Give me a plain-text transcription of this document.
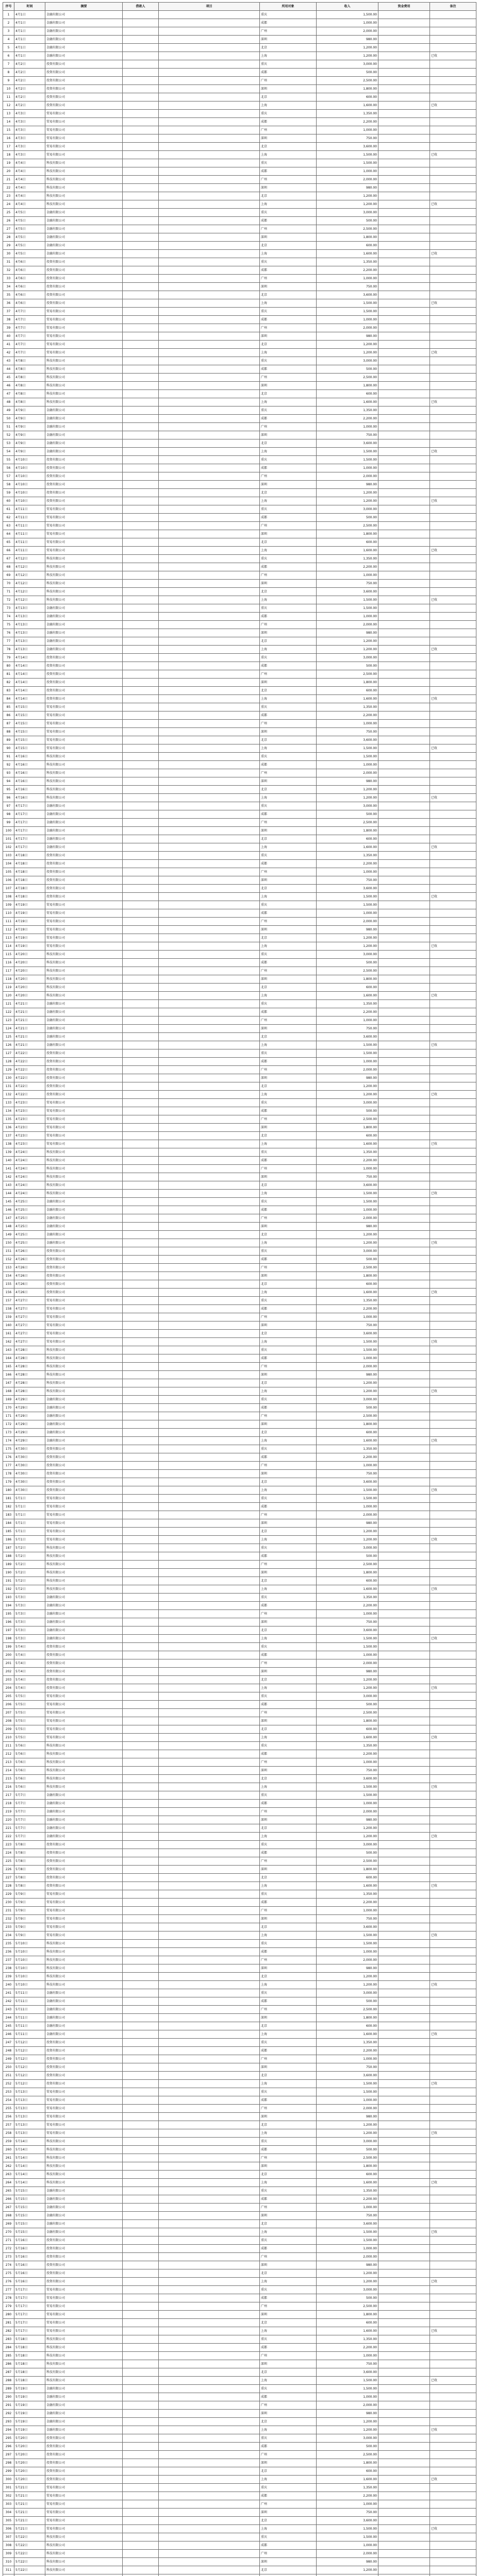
序号	时间	摘要	借款人	项目	所用对象	收入	资金费用	备注
1	4月1日	金融有限公司			重庆	1,500.00		
2	4月1日	金融有限公司			成都	1,000.00		
3	4月1日	金融有限公司			广州	2,000.00		
4	4月1日	金融有限公司			深圳	980.00		
5	4月1日	金融有限公司			北京	1,200.00		
6	4月1日	金融有限公司			上海	1,200.00		已收
7	4月2日	投资有限公司			重庆	3,000.00		
8	4月2日	投资有限公司			成都	500.00		
9	4月2日	投资有限公司			广州	2,500.00		
10	4月2日	投资有限公司			深圳	1,800.00		
11	4月2日	投资有限公司			北京	600.00		
12	4月2日	投资有限公司			上海	1,600.00		已收
13	4月3日	贸易有限公司			重庆	1,350.00		
14	4月3日	贸易有限公司			成都	2,200.00		
15	4月3日	贸易有限公司			广州	1,000.00		
16	4月3日	贸易有限公司			深圳	750.00		
17	4月3日	贸易有限公司			北京	3,600.00		
18	4月3日	贸易有限公司			上海	1,500.00		已收
19	4月4日	科技有限公司			重庆	1,500.00		
20	4月4日	科技有限公司			成都	1,000.00		
21	4月4日	科技有限公司			广州	2,000.00		
22	4月4日	科技有限公司			深圳	980.00		
23	4月4日	科技有限公司			北京	1,200.00		
24	4月4日	科技有限公司			上海	1,200.00		已收
25	4月5日	金融有限公司			重庆	3,000.00		
26	4月5日	金融有限公司			成都	500.00		
27	4月5日	金融有限公司			广州	2,500.00		
28	4月5日	金融有限公司			深圳	1,800.00		
29	4月5日	金融有限公司			北京	600.00		
30	4月5日	金融有限公司			上海	1,600.00		已收
31	4月6日	投资有限公司			重庆	1,350.00		
32	4月6日	投资有限公司			成都	2,200.00		
33	4月6日	投资有限公司			广州	1,000.00		
34	4月6日	投资有限公司			深圳	750.00		
35	4月6日	投资有限公司			北京	3,600.00		
36	4月6日	投资有限公司			上海	1,500.00		已收
37	4月7日	贸易有限公司			重庆	1,500.00		
38	4月7日	贸易有限公司			成都	1,000.00		
39	4月7日	贸易有限公司			广州	2,000.00		
40	4月7日	贸易有限公司			深圳	980.00		
41	4月7日	贸易有限公司			北京	1,200.00		
42	4月7日	贸易有限公司			上海	1,200.00		已收
43	4月8日	科技有限公司			重庆	3,000.00		
44	4月8日	科技有限公司			成都	500.00		
45	4月8日	科技有限公司			广州	2,500.00		
46	4月8日	科技有限公司			深圳	1,800.00		
47	4月8日	科技有限公司			北京	600.00		
48	4月8日	科技有限公司			上海	1,600.00		已收
49	4月9日	金融有限公司			重庆	1,350.00		
50	4月9日	金融有限公司			成都	2,200.00		
51	4月9日	金融有限公司			广州	1,000.00		
52	4月9日	金融有限公司			深圳	750.00		
53	4月9日	金融有限公司			北京	3,600.00		
54	4月9日	金融有限公司			上海	1,500.00		已收
55	4月10日	投资有限公司			重庆	1,500.00		
56	4月10日	投资有限公司			成都	1,000.00		
57	4月10日	投资有限公司			广州	2,000.00		
58	4月10日	投资有限公司			深圳	980.00		
59	4月10日	投资有限公司			北京	1,200.00		
60	4月10日	投资有限公司			上海	1,200.00		已收
61	4月11日	贸易有限公司			重庆	3,000.00		
62	4月11日	贸易有限公司			成都	500.00		
63	4月11日	贸易有限公司			广州	2,500.00		
64	4月11日	贸易有限公司			深圳	1,800.00		
65	4月11日	贸易有限公司			北京	600.00		
66	4月11日	贸易有限公司			上海	1,600.00		已收
67	4月12日	科技有限公司			重庆	1,350.00		
68	4月12日	科技有限公司			成都	2,200.00		
69	4月12日	科技有限公司			广州	1,000.00		
70	4月12日	科技有限公司			深圳	750.00		
71	4月12日	科技有限公司			北京	3,600.00		
72	4月12日	科技有限公司			上海	1,500.00		已收
73	4月13日	金融有限公司			重庆	1,500.00		
74	4月13日	金融有限公司			成都	1,000.00		
75	4月13日	金融有限公司			广州	2,000.00		
76	4月13日	金融有限公司			深圳	980.00		
77	4月13日	金融有限公司			北京	1,200.00		
78	4月13日	金融有限公司			上海	1,200.00		已收
79	4月14日	投资有限公司			重庆	3,000.00		
80	4月14日	投资有限公司			成都	500.00		
81	4月14日	投资有限公司			广州	2,500.00		
82	4月14日	投资有限公司			深圳	1,800.00		
83	4月14日	投资有限公司			北京	600.00		
84	4月14日	投资有限公司			上海	1,600.00		已收
85	4月15日	贸易有限公司			重庆	1,350.00		
86	4月15日	贸易有限公司			成都	2,200.00		
87	4月15日	贸易有限公司			广州	1,000.00		
88	4月15日	贸易有限公司			深圳	750.00		
89	4月15日	贸易有限公司			北京	3,600.00		
90	4月15日	贸易有限公司			上海	1,500.00		已收
91	4月16日	科技有限公司			重庆	1,500.00		
92	4月16日	科技有限公司			成都	1,000.00		
93	4月16日	科技有限公司			广州	2,000.00		
94	4月16日	科技有限公司			深圳	980.00		
95	4月16日	科技有限公司			北京	1,200.00		
96	4月16日	科技有限公司			上海	1,200.00		已收
97	4月17日	金融有限公司			重庆	3,000.00		
98	4月17日	金融有限公司			成都	500.00		
99	4月17日	金融有限公司			广州	2,500.00		
100	4月17日	金融有限公司			深圳	1,800.00		
101	4月17日	金融有限公司			北京	600.00		
102	4月17日	金融有限公司			上海	1,600.00		已收
103	4月18日	投资有限公司			重庆	1,350.00		
104	4月18日	投资有限公司			成都	2,200.00		
105	4月18日	投资有限公司			广州	1,000.00		
106	4月18日	投资有限公司			深圳	750.00		
107	4月18日	投资有限公司			北京	3,600.00		
108	4月18日	投资有限公司			上海	1,500.00		已收
109	4月19日	贸易有限公司			重庆	1,500.00		
110	4月19日	贸易有限公司			成都	1,000.00		
111	4月19日	贸易有限公司			广州	2,000.00		
112	4月19日	贸易有限公司			深圳	980.00		
113	4月19日	贸易有限公司			北京	1,200.00		
114	4月19日	贸易有限公司			上海	1,200.00		已收
115	4月20日	科技有限公司			重庆	3,000.00		
116	4月20日	科技有限公司			成都	500.00		
117	4月20日	科技有限公司			广州	2,500.00		
118	4月20日	科技有限公司			深圳	1,800.00		
119	4月20日	科技有限公司			北京	600.00		
120	4月20日	科技有限公司			上海	1,600.00		已收
121	4月21日	金融有限公司			重庆	1,350.00		
122	4月21日	金融有限公司			成都	2,200.00		
123	4月21日	金融有限公司			广州	1,000.00		
124	4月21日	金融有限公司			深圳	750.00		
125	4月21日	金融有限公司			北京	3,600.00		
126	4月21日	金融有限公司			上海	1,500.00		已收
127	4月22日	投资有限公司			重庆	1,500.00		
128	4月22日	投资有限公司			成都	1,000.00		
129	4月22日	投资有限公司			广州	2,000.00		
130	4月22日	投资有限公司			深圳	980.00		
131	4月22日	投资有限公司			北京	1,200.00		
132	4月22日	投资有限公司			上海	1,200.00		已收
133	4月23日	贸易有限公司			重庆	3,000.00		
134	4月23日	贸易有限公司			成都	500.00		
135	4月23日	贸易有限公司			广州	2,500.00		
136	4月23日	贸易有限公司			深圳	1,800.00		
137	4月23日	贸易有限公司			北京	600.00		
138	4月23日	贸易有限公司			上海	1,600.00		已收
139	4月24日	科技有限公司			重庆	1,350.00		
140	4月24日	科技有限公司			成都	2,200.00		
141	4月24日	科技有限公司			广州	1,000.00		
142	4月24日	科技有限公司			深圳	750.00		
143	4月24日	科技有限公司			北京	3,600.00		
144	4月24日	科技有限公司			上海	1,500.00		已收
145	4月25日	金融有限公司			重庆	1,500.00		
146	4月25日	金融有限公司			成都	1,000.00		
147	4月25日	金融有限公司			广州	2,000.00		
148	4月25日	金融有限公司			深圳	980.00		
149	4月25日	金融有限公司			北京	1,200.00		
150	4月25日	金融有限公司			上海	1,200.00		已收
151	4月26日	投资有限公司			重庆	3,000.00		
152	4月26日	投资有限公司			成都	500.00		
153	4月26日	投资有限公司			广州	2,500.00		
154	4月26日	投资有限公司			深圳	1,800.00		
155	4月26日	投资有限公司			北京	600.00		
156	4月26日	投资有限公司			上海	1,600.00		已收
157	4月27日	贸易有限公司			重庆	1,350.00		
158	4月27日	贸易有限公司			成都	2,200.00		
159	4月27日	贸易有限公司			广州	1,000.00		
160	4月27日	贸易有限公司			深圳	750.00		
161	4月27日	贸易有限公司			北京	3,600.00		
162	4月27日	贸易有限公司			上海	1,500.00		已收
163	4月28日	科技有限公司			重庆	1,500.00		
164	4月28日	科技有限公司			成都	1,000.00		
165	4月28日	科技有限公司			广州	2,000.00		
166	4月28日	科技有限公司			深圳	980.00		
167	4月28日	科技有限公司			北京	1,200.00		
168	4月28日	科技有限公司			上海	1,200.00		已收
169	4月29日	金融有限公司			重庆	3,000.00		
170	4月29日	金融有限公司			成都	500.00		
171	4月29日	金融有限公司			广州	2,500.00		
172	4月29日	金融有限公司			深圳	1,800.00		
173	4月29日	金融有限公司			北京	600.00		
174	4月29日	金融有限公司			上海	1,600.00		已收
175	4月30日	投资有限公司			重庆	1,350.00		
176	4月30日	投资有限公司			成都	2,200.00		
177	4月30日	投资有限公司			广州	1,000.00		
178	4月30日	投资有限公司			深圳	750.00		
179	4月30日	投资有限公司			北京	3,600.00		
180	4月30日	投资有限公司			上海	1,500.00		已收
181	5月1日	贸易有限公司			重庆	1,500.00		
182	5月1日	贸易有限公司			成都	1,000.00		
183	5月1日	贸易有限公司			广州	2,000.00		
184	5月1日	贸易有限公司			深圳	980.00		
185	5月1日	贸易有限公司			北京	1,200.00		
186	5月1日	贸易有限公司			上海	1,200.00		已收
187	5月2日	科技有限公司			重庆	3,000.00		
188	5月2日	科技有限公司			成都	500.00		
189	5月2日	科技有限公司			广州	2,500.00		
190	5月2日	科技有限公司			深圳	1,800.00		
191	5月2日	科技有限公司			北京	600.00		
192	5月2日	科技有限公司			上海	1,600.00		已收
193	5月3日	金融有限公司			重庆	1,350.00		
194	5月3日	金融有限公司			成都	2,200.00		
195	5月3日	金融有限公司			广州	1,000.00		
196	5月3日	金融有限公司			深圳	750.00		
197	5月3日	金融有限公司			北京	3,600.00		
198	5月3日	金融有限公司			上海	1,500.00		已收
199	5月4日	投资有限公司			重庆	1,500.00		
200	5月4日	投资有限公司			成都	1,000.00		
201	5月4日	投资有限公司			广州	2,000.00		
202	5月4日	投资有限公司			深圳	980.00		
203	5月4日	投资有限公司			北京	1,200.00		
204	5月4日	投资有限公司			上海	1,200.00		已收
205	5月5日	贸易有限公司			重庆	3,000.00		
206	5月5日	贸易有限公司			成都	500.00		
207	5月5日	贸易有限公司			广州	2,500.00		
208	5月5日	贸易有限公司			深圳	1,800.00		
209	5月5日	贸易有限公司			北京	600.00		
210	5月5日	贸易有限公司			上海	1,600.00		已收
211	5月6日	科技有限公司			重庆	1,350.00		
212	5月6日	科技有限公司			成都	2,200.00		
213	5月6日	科技有限公司			广州	1,000.00		
214	5月6日	科技有限公司			深圳	750.00		
215	5月6日	科技有限公司			北京	3,600.00		
216	5月6日	科技有限公司			上海	1,500.00		已收
217	5月7日	金融有限公司			重庆	1,500.00		
218	5月7日	金融有限公司			成都	1,000.00		
219	5月7日	金融有限公司			广州	2,000.00		
220	5月7日	金融有限公司			深圳	980.00		
221	5月7日	金融有限公司			北京	1,200.00		
222	5月7日	金融有限公司			上海	1,200.00		已收
223	5月8日	投资有限公司			重庆	3,000.00		
224	5月8日	投资有限公司			成都	500.00		
225	5月8日	投资有限公司			广州	2,500.00		
226	5月8日	投资有限公司			深圳	1,800.00		
227	5月8日	投资有限公司			北京	600.00		
228	5月8日	投资有限公司			上海	1,600.00		已收
229	5月9日	贸易有限公司			重庆	1,350.00		
230	5月9日	贸易有限公司			成都	2,200.00		
231	5月9日	贸易有限公司			广州	1,000.00		
232	5月9日	贸易有限公司			深圳	750.00		
233	5月9日	贸易有限公司			北京	3,600.00		
234	5月9日	贸易有限公司			上海	1,500.00		已收
235	5月10日	科技有限公司			重庆	1,500.00		
236	5月10日	科技有限公司			成都	1,000.00		
237	5月10日	科技有限公司			广州	2,000.00		
238	5月10日	科技有限公司			深圳	980.00		
239	5月10日	科技有限公司			北京	1,200.00		
240	5月10日	科技有限公司			上海	1,200.00		已收
241	5月11日	金融有限公司			重庆	3,000.00		
242	5月11日	金融有限公司			成都	500.00		
243	5月11日	金融有限公司			广州	2,500.00		
244	5月11日	金融有限公司			深圳	1,800.00		
245	5月11日	金融有限公司			北京	600.00		
246	5月11日	金融有限公司			上海	1,600.00		已收
247	5月12日	投资有限公司			重庆	1,350.00		
248	5月12日	投资有限公司			成都	2,200.00		
249	5月12日	投资有限公司			广州	1,000.00		
250	5月12日	投资有限公司			深圳	750.00		
251	5月12日	投资有限公司			北京	3,600.00		
252	5月12日	投资有限公司			上海	1,500.00		已收
253	5月13日	贸易有限公司			重庆	1,500.00		
254	5月13日	贸易有限公司			成都	1,000.00		
255	5月13日	贸易有限公司			广州	2,000.00		
256	5月13日	贸易有限公司			深圳	980.00		
257	5月13日	贸易有限公司			北京	1,200.00		
258	5月13日	贸易有限公司			上海	1,200.00		已收
259	5月14日	科技有限公司			重庆	3,000.00		
260	5月14日	科技有限公司			成都	500.00		
261	5月14日	科技有限公司			广州	2,500.00		
262	5月14日	科技有限公司			深圳	1,800.00		
263	5月14日	科技有限公司			北京	600.00		
264	5月14日	科技有限公司			上海	1,600.00		已收
265	5月15日	金融有限公司			重庆	1,350.00		
266	5月15日	金融有限公司			成都	2,200.00		
267	5月15日	金融有限公司			广州	1,000.00		
268	5月15日	金融有限公司			深圳	750.00		
269	5月15日	金融有限公司			北京	3,600.00		
270	5月15日	金融有限公司			上海	1,500.00		已收
271	5月16日	投资有限公司			重庆	1,500.00		
272	5月16日	投资有限公司			成都	1,000.00		
273	5月16日	投资有限公司			广州	2,000.00		
274	5月16日	投资有限公司			深圳	980.00		
275	5月16日	投资有限公司			北京	1,200.00		
276	5月16日	投资有限公司			上海	1,200.00		已收
277	5月17日	贸易有限公司			重庆	3,000.00		
278	5月17日	贸易有限公司			成都	500.00		
279	5月17日	贸易有限公司			广州	2,500.00		
280	5月17日	贸易有限公司			深圳	1,800.00		
281	5月17日	贸易有限公司			北京	600.00		
282	5月17日	贸易有限公司			上海	1,600.00		已收
283	5月18日	科技有限公司			重庆	1,350.00		
284	5月18日	科技有限公司			成都	2,200.00		
285	5月18日	科技有限公司			广州	1,000.00		
286	5月18日	科技有限公司			深圳	750.00		
287	5月18日	科技有限公司			北京	3,600.00		
288	5月18日	科技有限公司			上海	1,500.00		已收
289	5月19日	金融有限公司			重庆	1,500.00		
290	5月19日	金融有限公司			成都	1,000.00		
291	5月19日	金融有限公司			广州	2,000.00		
292	5月19日	金融有限公司			深圳	980.00		
293	5月19日	金融有限公司			北京	1,200.00		
294	5月19日	金融有限公司			上海	1,200.00		已收
295	5月20日	投资有限公司			重庆	3,000.00		
296	5月20日	投资有限公司			成都	500.00		
297	5月20日	投资有限公司			广州	2,500.00		
298	5月20日	投资有限公司			深圳	1,800.00		
299	5月20日	投资有限公司			北京	600.00		
300	5月20日	投资有限公司			上海	1,600.00		已收
301	5月21日	贸易有限公司			重庆	1,350.00		
302	5月21日	贸易有限公司			成都	2,200.00		
303	5月21日	贸易有限公司			广州	1,000.00		
304	5月21日	贸易有限公司			深圳	750.00		
305	5月21日	贸易有限公司			北京	3,600.00		
306	5月21日	贸易有限公司			上海	1,500.00		已收
307	5月22日	科技有限公司			重庆	1,500.00		
308	5月22日	科技有限公司			成都	1,000.00		
309	5月22日	科技有限公司			广州	2,000.00		
310	5月22日	科技有限公司			深圳	980.00		
311	5月22日	科技有限公司			北京	1,200.00		
